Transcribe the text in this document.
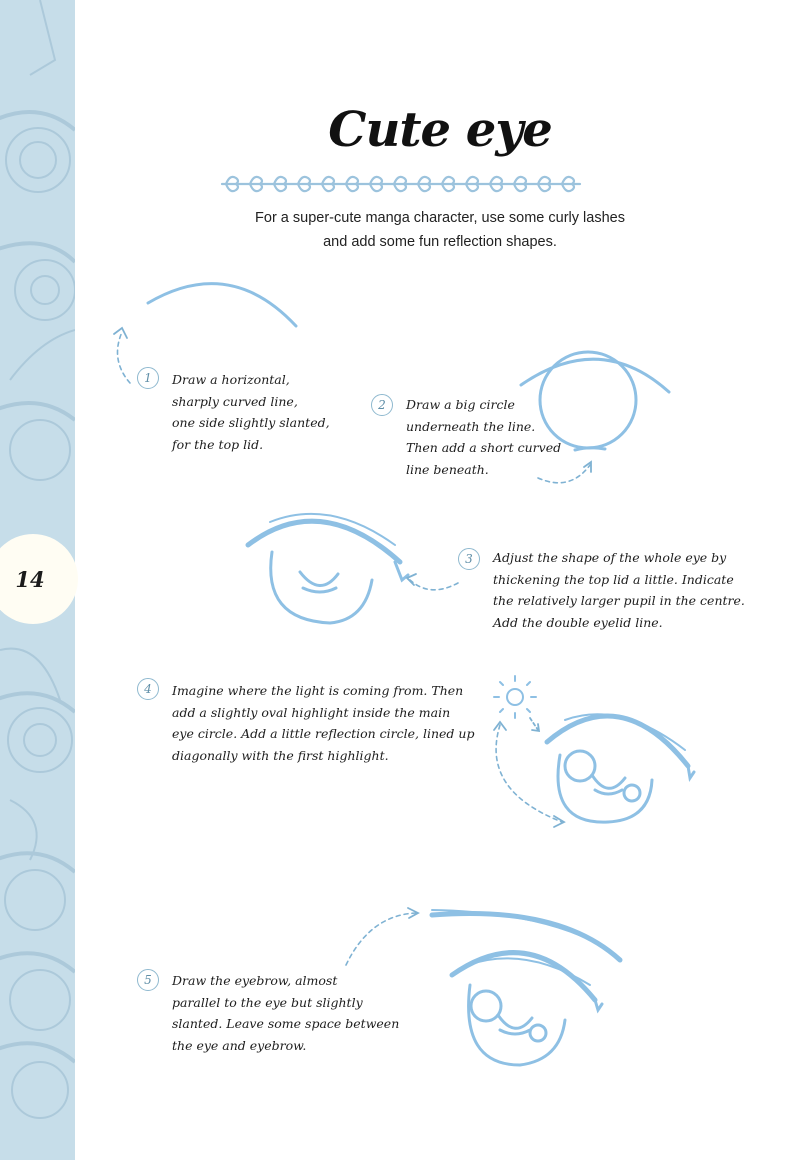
14
Cute eye
For a super-cute manga character, use some curly lashes
and add some fun reflection shapes.
1	Draw a horizontal,
sharply curved line,
one side slightly slanted,
for the top lid.
2	Draw a big circle
underneath the line.
Then add a short curved
line beneath.
3	Adjust the shape of the whole eye by
thickening the top lid a little. Indicate
the relatively larger pupil in the centre.
Add the double eyelid line.
4	Imagine where the light is coming from. Then
add a slightly oval highlight inside the main
eye circle. Add a little reflection circle, lined up
diagonally with the first highlight.
5	Draw the eyebrow, almost
parallel to the eye but slightly
slanted. Leave some space between
the eye and eyebrow.
